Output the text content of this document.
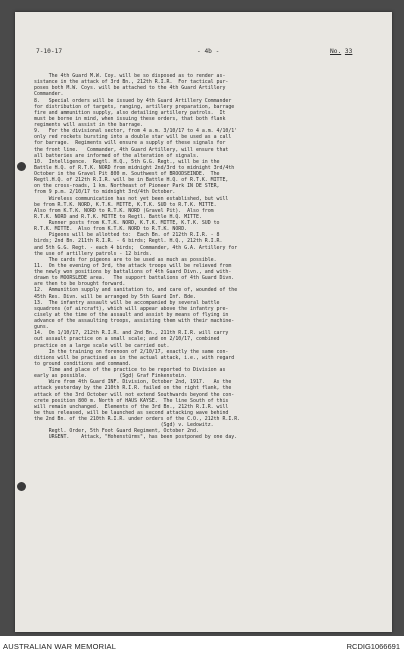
7-10-17	- 4b -	No. 33
The 4th Guard M.W. Coy. will be so disposed as to render as-
sistance in the attack of 3rd Bn., 212th R.I.R.  For tactical pur-
poses both M.W. Coys. will be attached to the 4th Guard Artillery
Commander.
8.   Special orders will be issued by 4th Guard Artillery Commander
for distribution of targets, ranging, artillery preparation, barrage
fire and ammunition supply, also detailing artillery patrols.  It
must be borne in mind, when issuing these orders, that both flank
regiments will assist in the barrage.
9.   For the divisional sector, from 4 a.m. 3/10/17 to 4 a.m. 4/10/1'
only red rockets bursting into a double star will be used as a call
for barrage.  Regiments will ensure a supply of these signals for
the front line.   Commander, 4th Guard Artillery, will ensure that
all batteries are informed of the alteration of signals.
10.  Intelligence.  Regtl. H.Q., 5th G.G. Regt., will be in the
Battle H.Q. of R.T.K. NORD from midnight 2nd/3rd to midnight 3rd/4th
October in the Gravel Pit 800 m. Southwest of BROODSEINDE.  The
Regtl.H.Q. of 212th R.I.R. will be in Battle H.Q. of R.T.K. MITTE,
on the cross-roads, 1 km. Northeast of Pioneer Park IN DE STER,
from 9 p.m. 2/10/17 to midnight 3rd/4th October.
Wireless communication has not yet been established, but will
be from R.T.K. NORD, K.T.K. MITTE, K.T.K. SUD to R.T.K. MITTE.
Also from K.T.K. NORD to R.T.K. NORD (Gravel Pit).  Also from
R.T.K. NORD and R.T.K. MITTE to Regtl. Battle H.Q. MITTE.
Runner posts from K.T.K. NORD, K.T.K. MITTE, K.T.K. SUD to
R.T.K. MITTE.  Also from K.T.K. NORD to R.T.K. NORD.
Pigeons will be allotted to:  Each Bn. of 212th R.I.R. - 8
birds; 2nd Bn. 211th R.I.R. - 6 birds; Regtl. H.Q., 212th R.I.R.
and 5th G.G. Regt. - each 4 birds;  Commander, 4th G.A. Artillery for
the use of artillery patrols - 12 birds.
The cards for pigeons are to be used as much as possible.
11.  On the evening of 3rd, the attack troops will be relieved from
the newly won positions by battalions of 4th Guard Divn., and with-
drawn to MOORSLEDE area.   The support battalions of 4th Guard Divn.
are then to be brought forward.
12.  Ammunition supply and sanitation to, and care of, wounded of the
45th Res. Divn. will be arranged by 5th Guard Inf. Bde.
13.  The infantry assault will be accompanied by several battle
squadrons (of aircraft), which will appear above the infantry pre-
cisely at the time of the assault and assist by means of flying in
advance of the assaulting troops, assisting them with their machine-
guns.
14.  On 1/10/17, 212th R.I.R. and 2nd Bn., 211th R.I.R. will carry
out assault practice on a small scale; and on 2/10/17, combined
practice on a large scale will be carried out.
In the training on forenoon of 2/10/17, exactly the same con-
ditions will be practised as in the actual attack, i.e., with regard
to ground conditions and command.
Time and place of the practice to be reported to Division as
early as possible.           (Sgd) Graf Finkenstein.
Wire from 4th Guard INF. Division, October 2nd, 1917.   As the
attack yesterday by the 210th R.I.R. failed on the right flank, the
attack of the 3rd October will not extend Southwards beyond the con-
crete position 800 m. North of HAUS KAYSE.  The line South of this
will remain unchanged.  Elements of the 3rd Bn., 212th R.I.R. will
be thus released, will be launched as second attacking wave behind
the 2nd Bn. of the 210th R.I.R. under orders of the C.O., 212th R.I.R.
(Sgd) v. Ledowitz.
Regtl. Order, 5th Foot Guard Regiment, October 2nd.
URGENT.    Attack, "Hohenstürms", has been postponed by one day.
AUSTRALIAN WAR MEMORIAL	RCDIG1066691
